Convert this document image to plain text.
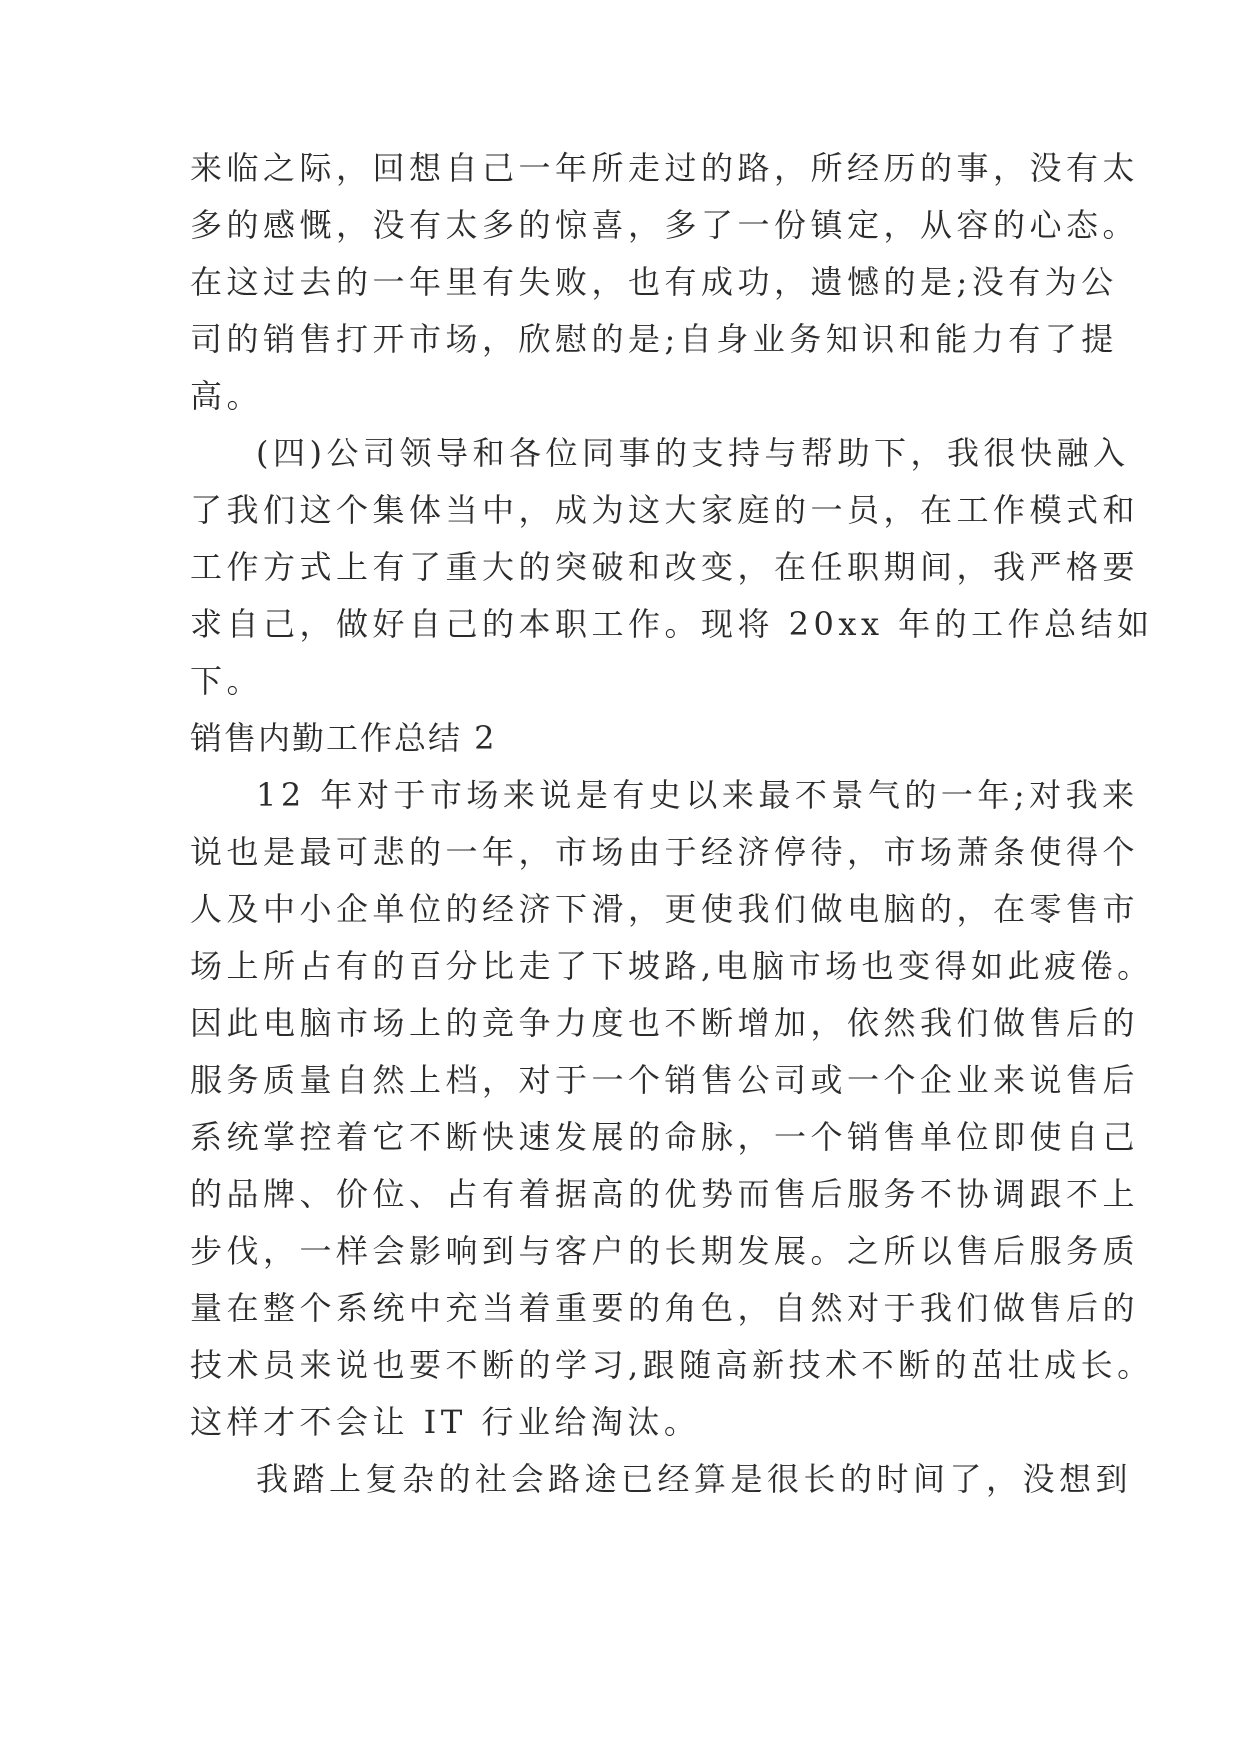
来临之际，回想自己一年所走过的路，所经历的事，没有太

多的感慨，没有太多的惊喜，多了一份镇定，从容的心态。

在这过去的一年里有失败，也有成功，遗憾的是;没有为公

司的销售打开市场，欣慰的是;自身业务知识和能力有了提

高。

(四)公司领导和各位同事的支持与帮助下，我很快融入

了我们这个集体当中，成为这大家庭的一员，在工作模式和

工作方式上有了重大的突破和改变，在任职期间，我严格要

求自己，做好自己的本职工作。现将 20xx 年的工作总结如

下。

销售内勤工作总结 2

12 年对于市场来说是有史以来最不景气的一年;对我来

说也是最可悲的一年，市场由于经济停待，市场萧条使得个

人及中小企单位的经济下滑，更使我们做电脑的，在零售市

场上所占有的百分比走了下坡路,电脑市场也变得如此疲倦。

因此电脑市场上的竞争力度也不断增加，依然我们做售后的

服务质量自然上档，对于一个销售公司或一个企业来说售后

系统掌控着它不断快速发展的命脉，一个销售单位即使自己

的品牌、价位、占有着据高的优势而售后服务不协调跟不上

步伐，一样会影响到与客户的长期发展。之所以售后服务质

量在整个系统中充当着重要的角色，自然对于我们做售后的

技术员来说也要不断的学习,跟随高新技术不断的茁壮成长。

这样才不会让 IT 行业给淘汰。

我踏上复杂的社会路途已经算是很长的时间了，没想到
